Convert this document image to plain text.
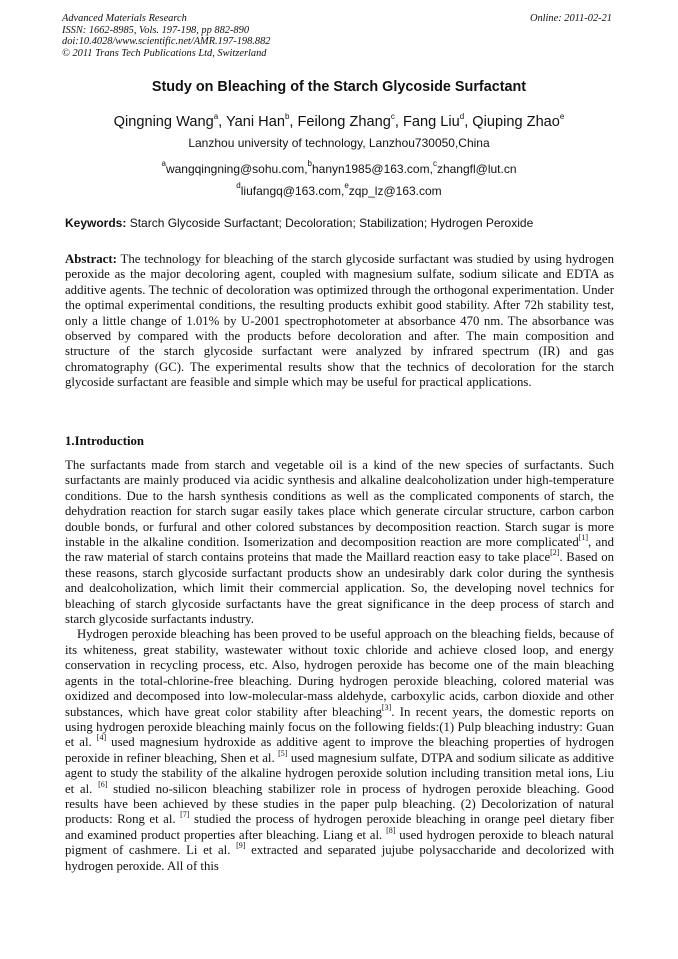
Advanced Materials Research
ISSN: 1662-8985, Vols. 197-198, pp 882-890
doi:10.4028/www.scientific.net/AMR.197-198.882
© 2011 Trans Tech Publications Ltd, Switzerland
Online: 2011-02-21
Study on Bleaching of the Starch Glycoside Surfactant
Qingning Wang$^a$, Yani Han$^b$, Feilong Zhang$^c$, Fang Liu$^d$, Qiuping Zhao$^e$
Lanzhou university of technology, Lanzhou730050,China
$^a$wangqingning@sohu.com,$^b$hanyn1985@163.com,$^c$zhangfl@lut.cn
$^d$liufangq@163.com,$^e$zqp_lz@163.com
Keywords: Starch Glycoside Surfactant; Decoloration; Stabilization; Hydrogen Peroxide
Abstract: The technology for bleaching of the starch glycoside surfactant was studied by using hydrogen peroxide as the major decoloring agent, coupled with magnesium sulfate, sodium silicate and EDTA as additive agents. The technic of decoloration was optimized through the orthogonal experimentation. Under the optimal experimental conditions, the resulting products exhibit good stability. After 72h stability test, only a little change of 1.01% by U-2001 spectrophotometer at absorbance 470 nm. The absorbance was observed by compared with the products before decoloration and after. The main composition and structure of the starch glycoside surfactant were analyzed by infrared spectrum (IR) and gas chromatography (GC). The experimental results show that the technics of decoloration for the starch glycoside surfactant are feasible and simple which may be useful for practical applications.
1.Introduction

The surfactants made from starch and vegetable oil is a kind of the new species of surfactants. Such surfactants are mainly produced via acidic synthesis and alkaline dealcoholization under high-temperature conditions. Due to the harsh synthesis conditions as well as the complicated components of starch, the dehydration reaction for starch sugar easily takes place which generate circular structure, carbon carbon double bonds, or furfural and other colored substances by decomposition reaction. Starch sugar is more instable in the alkaline condition. Isomerization and decomposition reaction are more complicated[1], and the raw material of starch contains proteins that made the Maillard reaction easy to take place[2]. Based on these reasons, starch glycoside surfactant products show an undesirably dark color during the synthesis and dealcoholization, which limit their commercial application. So, the developing novel technics for bleaching of starch glycoside surfactants have the great significance in the deep process of starch and starch glycoside surfactants industry.

Hydrogen peroxide bleaching has been proved to be useful approach on the bleaching fields, because of its whiteness, great stability, wastewater without toxic chloride and achieve closed loop, and energy conservation in recycling process, etc. Also, hydrogen peroxide has become one of the main bleaching agents in the total-chlorine-free bleaching. During hydrogen peroxide bleaching, colored material was oxidized and decomposed into low-molecular-mass aldehyde, carboxylic acids, carbon dioxide and other substances, which have great color stability after bleaching[3]. In recent years, the domestic reports on using hydrogen peroxide bleaching mainly focus on the following fields:(1) Pulp bleaching industry: Guan et al. [4] used magnesium hydroxide as additive agent to improve the bleaching properties of hydrogen peroxide in refiner bleaching, Shen et al. [5] used magnesium sulfate, DTPA and sodium silicate as additive agent to study the stability of the alkaline hydrogen peroxide solution including transition metal ions, Liu et al. [6] studied no-silicon bleaching stabilizer role in process of hydrogen peroxide bleaching. Good results have been achieved by these studies in the paper pulp bleaching. (2) Decolorization of natural products: Rong et al. [7] studied the process of hydrogen peroxide bleaching in orange peel dietary fiber and examined product properties after bleaching. Liang et al. [8] used hydrogen peroxide to bleach natural pigment of cashmere. Li et al. [9] extracted and separated jujube polysaccharide and decolorized with hydrogen peroxide. All of this
